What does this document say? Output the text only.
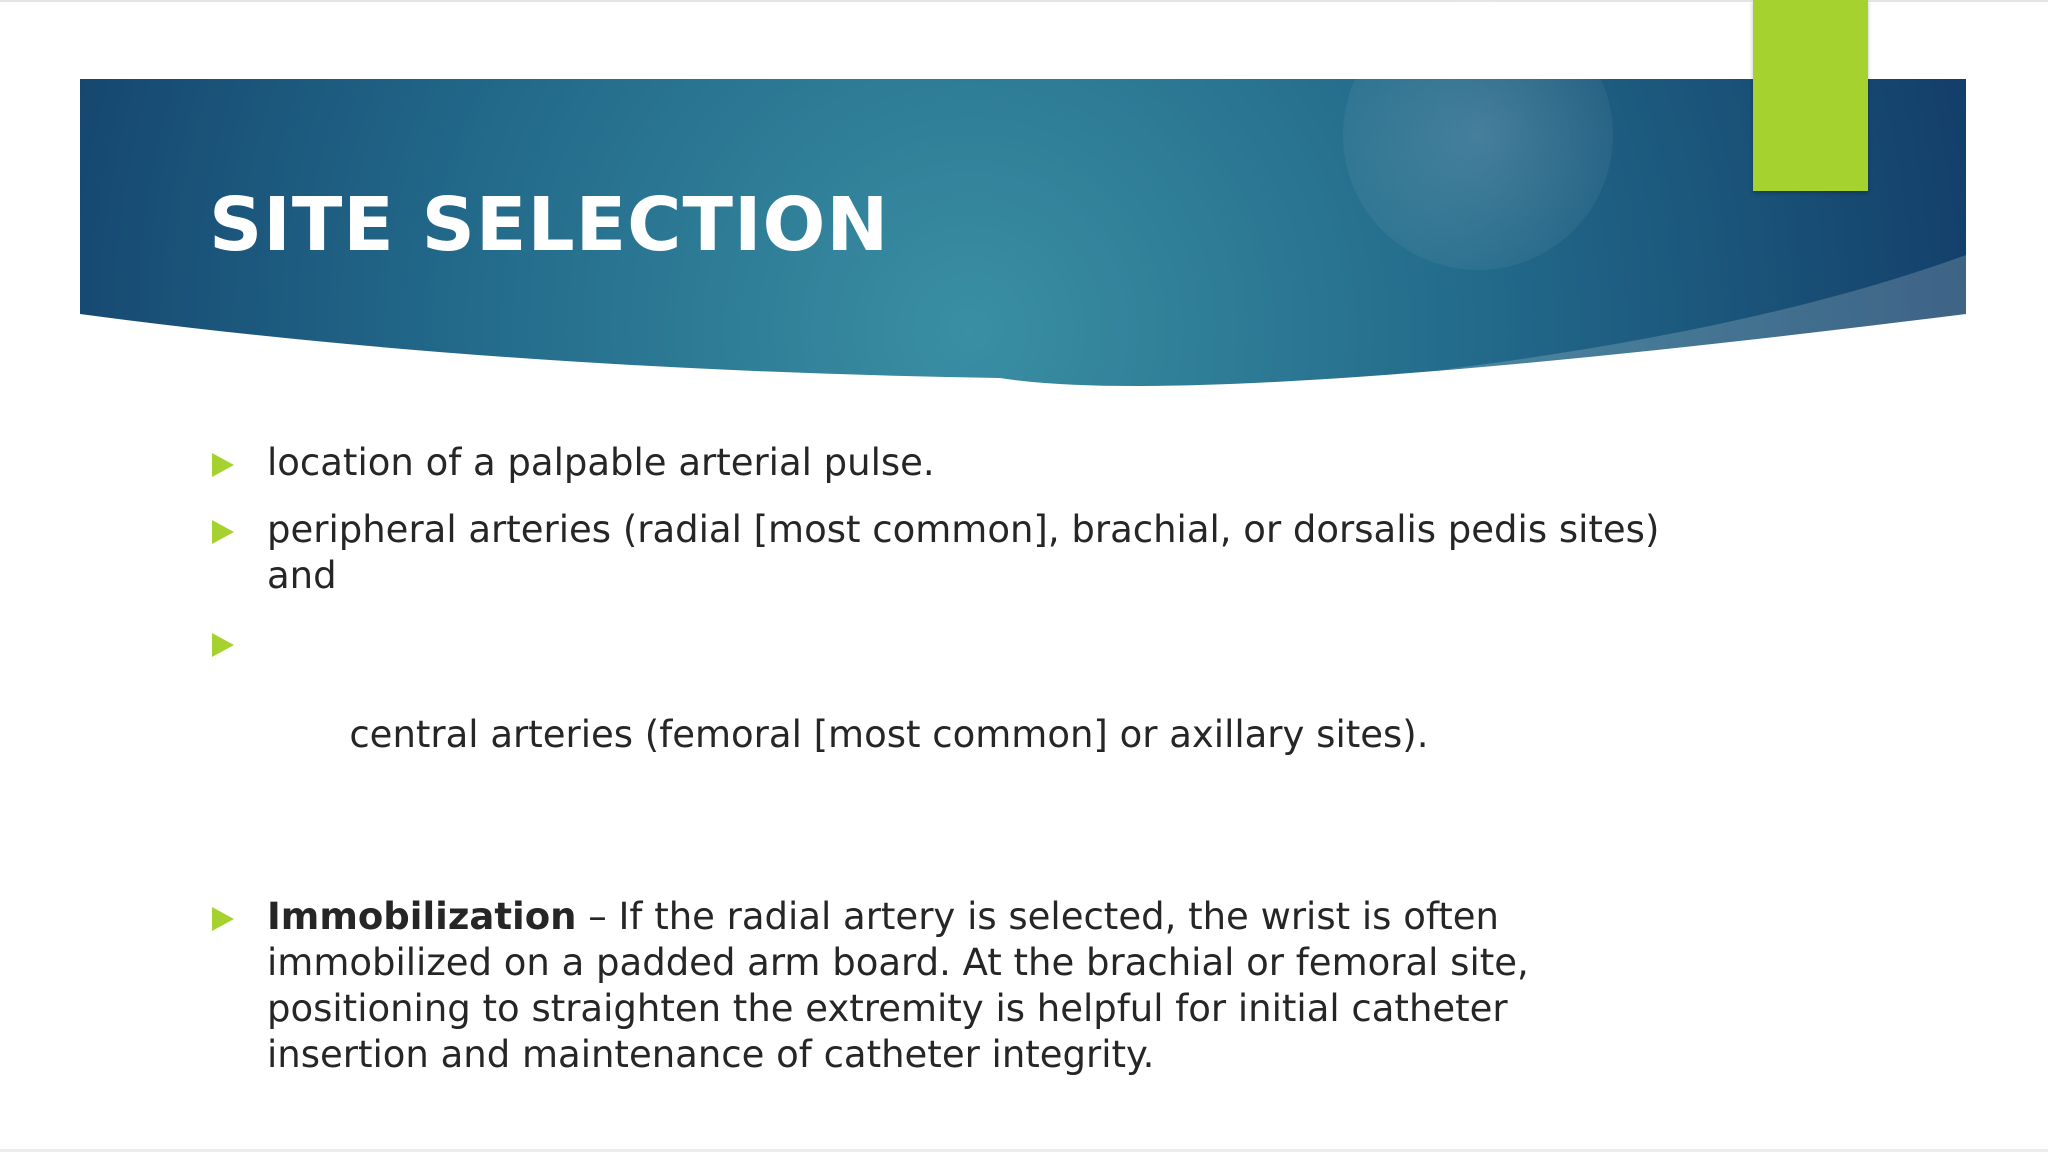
SITE SELECTION
location of a palpable arterial pulse.
peripheral arteries (radial [most common], brachial, or dorsalis pedis sites) and

central arteries (femoral [most common] or axillary sites).

Immobilization – If the radial artery is selected, the wrist is often immobilized on a padded arm board. At the brachial or femoral site, positioning to straighten the extremity is helpful for initial catheter insertion and maintenance of catheter integrity.
